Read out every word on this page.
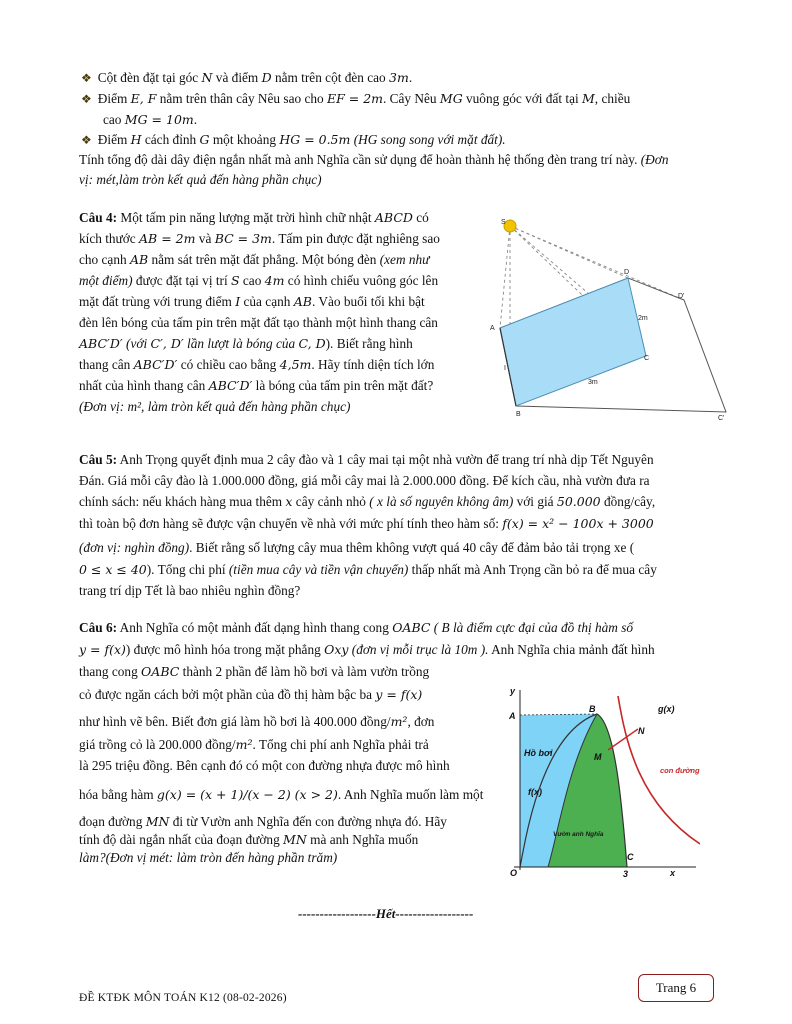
❖ Cột đèn đặt tại góc N và điểm D nằm trên cột đèn cao 3m.
❖ Điểm E, F nằm trên thân cây Nêu sao cho EF = 2m. Cây Nêu MG vuông góc với đất tại M, chiều
cao MG = 10m.
❖ Điểm H cách đỉnh G một khoảng HG = 0.5m (HG song song với mặt đất).
Tính tổng độ dài dây điện ngắn nhất mà anh Nghĩa cần sử dụng để hoàn thành hệ thống đèn trang trí này. (Đơn
vị: mét,làm tròn kết quả đến hàng phần chục)
Câu 4: Một tấm pin năng lượng mặt trời hình chữ nhật ABCD có
kích thước AB = 2m và BC = 3m. Tấm pin được đặt nghiêng sao
cho cạnh AB nằm sát trên mặt đất phẳng. Một bóng đèn (xem như
một điểm) được đặt tại vị trí S cao 4m có hình chiếu vuông góc lên
mặt đất trùng với trung điểm I của cạnh AB. Vào buổi tối khi bật
đèn lên bóng của tấm pin trên mặt đất tạo thành một hình thang cân
ABC′D′ (với C′, D′ lần lượt là bóng của C, D). Biết rằng hình
thang cân ABC′D′ có chiều cao bằng 4,5m. Hãy tính diện tích lớn
nhất của hình thang cân ABC′D′ là bóng của tấm pin trên mặt đất?
(Đơn vị: m², làm tròn kết quả đến hàng phần chục)
S
A
B
C
D
C'
D'
I
2m
3m
Câu 5: Anh Trọng quyết định mua 2 cây đào và 1 cây mai tại một nhà vườn để trang trí nhà dịp Tết Nguyên
Đán. Giá mỗi cây đào là 1.000.000 đồng, giá mỗi cây mai là 2.000.000 đồng. Để kích cầu, nhà vườn đưa ra
chính sách: nếu khách hàng mua thêm x cây cảnh nhỏ ( x là số nguyên không âm) với giá 50.000 đồng/cây,
thì toàn bộ đơn hàng sẽ được vận chuyển về nhà với mức phí tính theo hàm số: f(x) = x² − 100x + 3000
(đơn vị: nghìn đồng). Biết rằng số lượng cây mua thêm không vượt quá 40 cây để đảm bảo tải trọng xe (
0 ≤ x ≤ 40). Tổng chi phí (tiền mua cây và tiền vận chuyển) thấp nhất mà Anh Trọng cần bỏ ra để mua cây
trang trí dịp Tết là bao nhiêu nghìn đồng?
Câu 6: Anh Nghĩa có một mảnh đất dạng hình thang cong OABC ( B là điểm cực đại của đồ thị hàm số
y = f(x)) được mô hình hóa trong mặt phẳng Oxy (đơn vị mỗi trục là 10m ). Anh Nghĩa chia mảnh đất hình
thang cong OABC thành 2 phần để làm hồ bơi và làm vườn trồng
cỏ được ngăn cách bởi một phần của đồ thị hàm bậc ba y = f(x)
như hình vẽ bên. Biết đơn giá làm hồ bơi là 400.000 đồng/m², đơn
giá trồng cỏ là 200.000 đồng/m². Tổng chi phí anh Nghĩa phải trả
là 295 triệu đồng. Bên cạnh đó có một con đường nhựa được mô hình
hóa bằng hàm g(x) = (x + 1)/(x − 2) (x > 2). Anh Nghĩa muốn làm một
đoạn đường MN đi từ Vườn anh Nghĩa đến con đường nhựa đó. Hãy
tính độ dài ngắn nhất của đoạn đường MN mà anh Nghĩa muốn
làm?(Đơn vị mét: làm tròn đến hàng phần trăm)
y
x
O
A
B
C
M
N
3
g(x)
f(x)
Hồ bơi
Vườn anh Nghĩa
con đường
------------------Hết------------------
Trang 6
ĐỀ KTĐK MÔN TOÁN K12 (08-02-2026)
